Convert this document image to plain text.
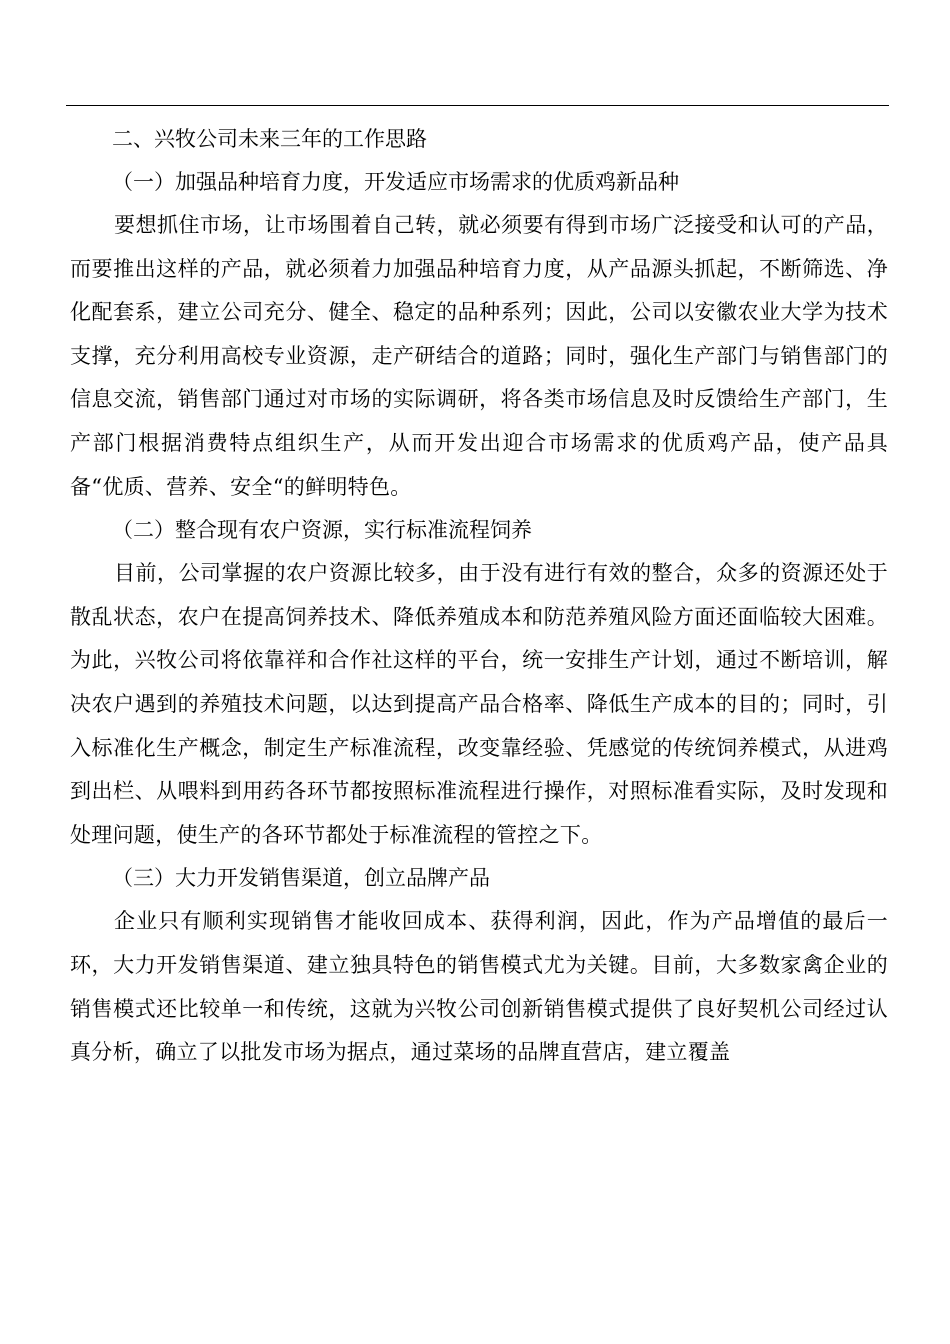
二、兴牧公司未来三年的工作思路

（一）加强品种培育力度，开发适应市场需求的优质鸡新品种

要想抓住市场，让市场围着自己转，就必须要有得到市场广泛接受和认可的产品，而要推出这样的产品，就必须着力加强品种培育力度，从产品源头抓起，不断筛选、净化配套系，建立公司充分、健全、稳定的品种系列；因此，公司以安徽农业大学为技术支撑，充分利用高校专业资源，走产研结合的道路；同时，强化生产部门与销售部门的信息交流，销售部门通过对市场的实际调研，将各类市场信息及时反馈给生产部门，生产部门根据消费特点组织生产，从而开发出迎合市场需求的优质鸡产品，使产品具备“优质、营养、安全“的鲜明特色。

（二）整合现有农户资源，实行标准流程饲养

目前，公司掌握的农户资源比较多，由于没有进行有效的整合，众多的资源还处于散乱状态，农户在提高饲养技术、降低养殖成本和防范养殖风险方面还面临较大困难。为此，兴牧公司将依靠祥和合作社这样的平台，统一安排生产计划，通过不断培训，解决农户遇到的养殖技术问题，以达到提高产品合格率、降低生产成本的目的；同时，引入标准化生产概念，制定生产标准流程，改变靠经验、凭感觉的传统饲养模式，从进鸡到出栏、从喂料到用药各环节都按照标准流程进行操作，对照标准看实际，及时发现和处理问题，使生产的各环节都处于标准流程的管控之下。

（三）大力开发销售渠道，创立品牌产品

企业只有顺利实现销售才能收回成本、获得利润，因此，作为产品增值的最后一环，大力开发销售渠道、建立独具特色的销售模式尤为关键。目前，大多数家禽企业的销售模式还比较单一和传统，这就为兴牧公司创新销售模式提供了良好契机公司经过认真分析，确立了以批发市场为据点，通过菜场的品牌直营店，建立覆盖
